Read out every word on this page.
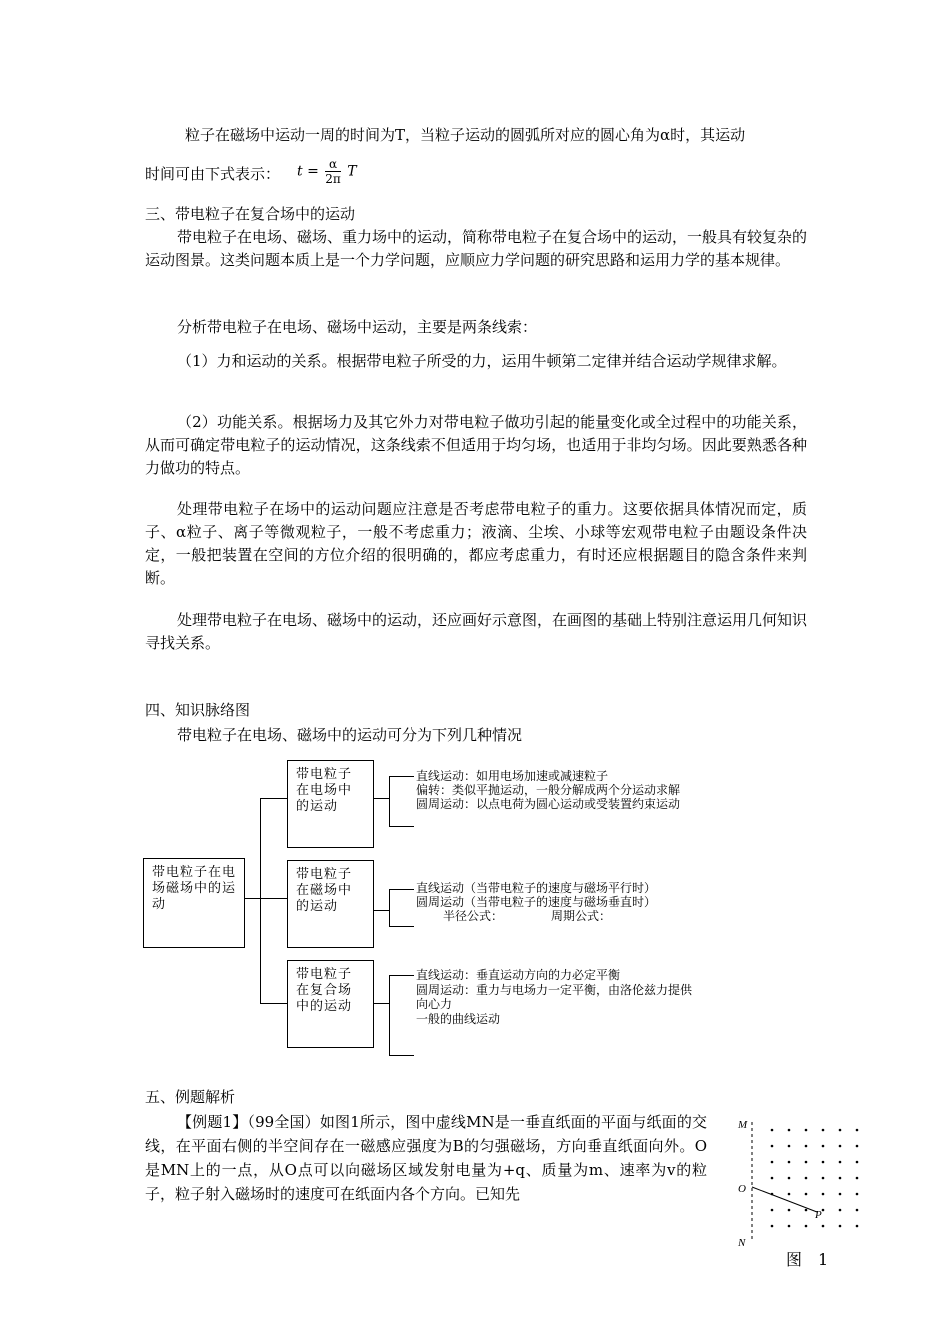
粒子在磁场中运动一周的时间为T，当粒子运动的圆弧所对应的圆心角为α时，其运动
时间可由下式表示： $t = \frac{\alpha}{2\pi}$ T
三、带电粒子在复合场中的运动

带电粒子在电场、磁场、重力场中的运动，简称带电粒子在复合场中的运动，一般具有较复杂的运动图景。这类问题本质上是一个力学问题，应顺应力学问题的研究思路和运用力学的基本规律。

分析带电粒子在电场、磁场中运动，主要是两条线索：

（1）力和运动的关系。根据带电粒子所受的力，运用牛顿第二定律并结合运动学规律求解。

（2）功能关系。根据场力及其它外力对带电粒子做功引起的能量变化或全过程中的功能关系，从而可确定带电粒子的运动情况，这条线索不但适用于均匀场，也适用于非均匀场。因此要熟悉各种力做功的特点。

处理带电粒子在场中的运动问题应注意是否考虑带电粒子的重力。这要依据具体情况而定，质子、α粒子、离子等微观粒子，一般不考虑重力；液滴、尘埃、小球等宏观带电粒子由题设条件决定，一般把装置在空间的方位介绍的很明确的，都应考虑重力，有时还应根据题目的隐含条件来判断。

处理带电粒子在电场、磁场中的运动，还应画好示意图，在画图的基础上特别注意运用几何知识寻找关系。

四、知识脉络图
带电粒子在电场、磁场中的运动可分为下列几种情况
带电粒子在电场磁场中的运动
带电粒子在电场中的运动
带电粒子在磁场中的运动
带电粒子在复合场中的运动
直线运动：如用电场加速或减速粒子
偏转：类似平抛运动，一般分解成两个分运动求解
圆周运动：以点电荷为圆心运动或受装置约束运动
直线运动（当带电粒子的速度与磁场平行时）
圆周运动（当带电粒子的速度与磁场垂直时）
半径公式：	周期公式：
直线运动：垂直运动方向的力必定平衡
圆周运动：重力与电场力一定平衡，由洛伦兹力提供
向心力
一般的曲线运动
五、例题解析

【例题1】（99全国）如图1所示，图中虚线MN是一垂直纸面的平面与纸面的交线，在平面右侧的半空间存在一磁感应强度为B的匀强磁场，方向垂直纸面向外。O是MN上的一点，从O点可以向磁场区域发射电量为+q、质量为m、速率为v的粒子，粒子射入磁场时的速度可在纸面内各个方向。已知先

M
O
N
P
图　1
